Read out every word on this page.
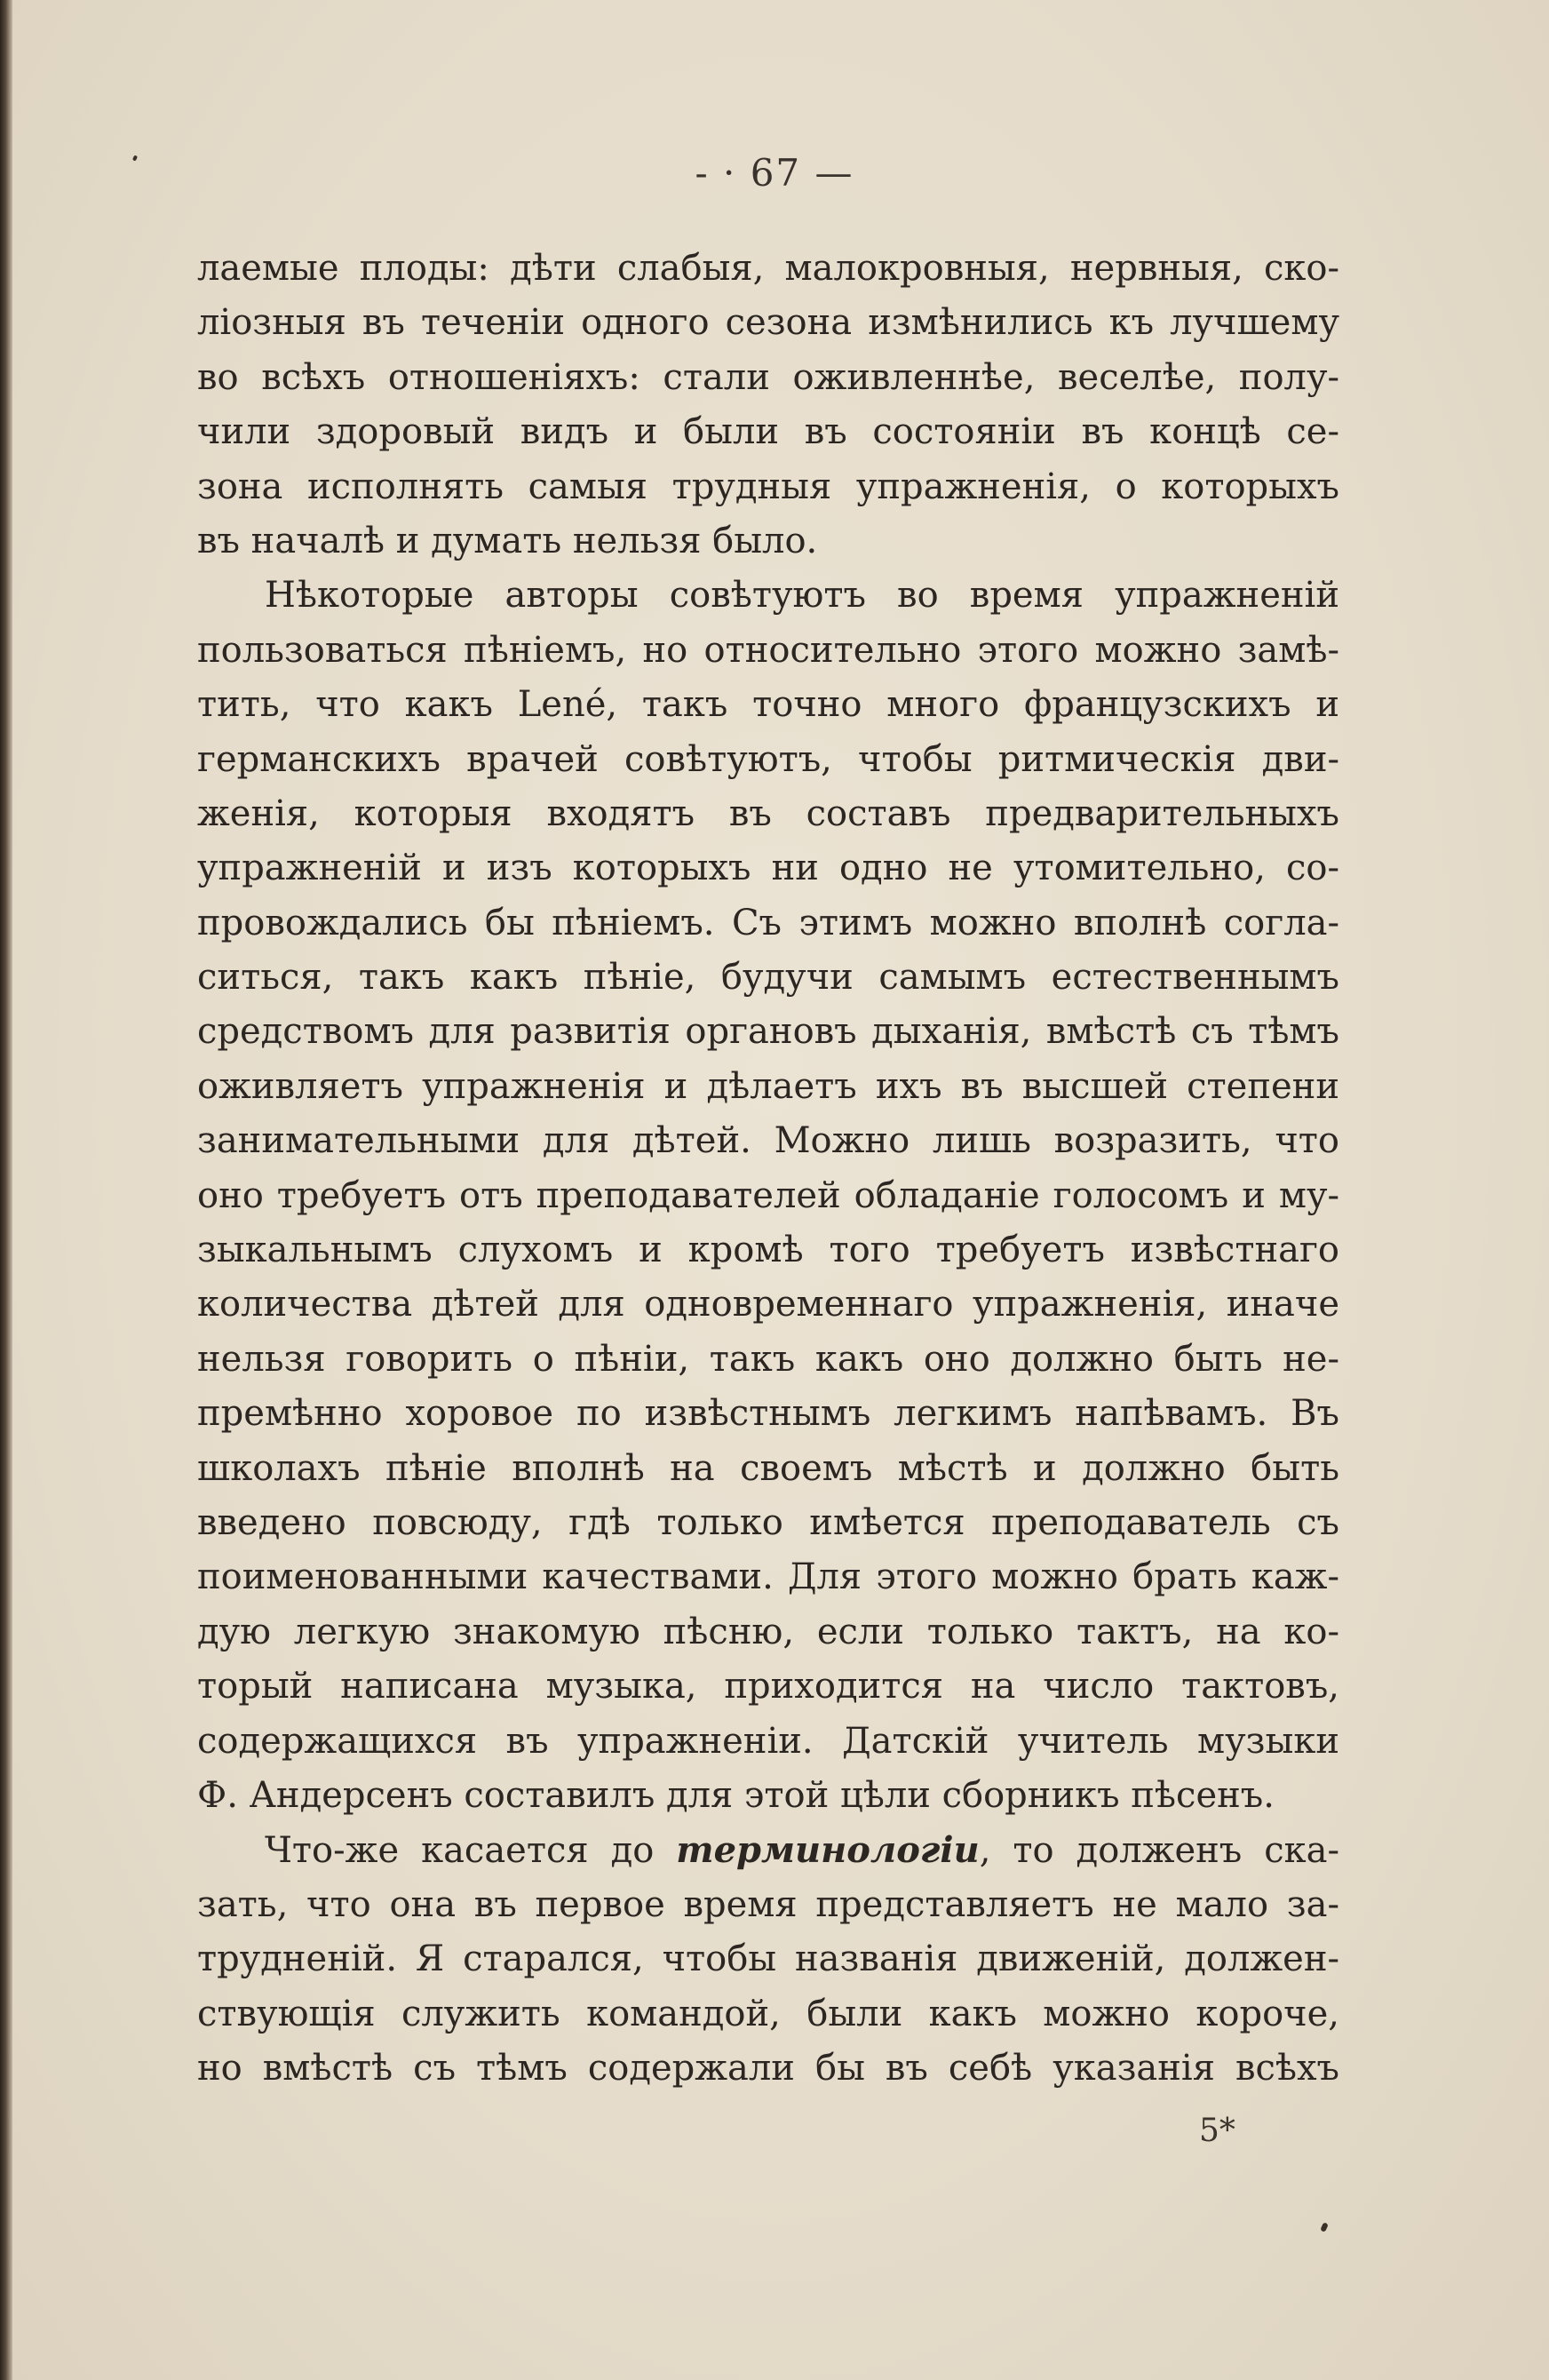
- · 67 —
лаемые плоды: дѣти слабыя, малокровныя, нервныя, ско-
лiозныя въ теченiи одного сезона измѣнились къ лучшему
во всѣхъ отношенiяхъ: стали оживленнѣе, веселѣе, полу-
чили здоровый видъ и были въ состоянiи въ концѣ се-
зона исполнять самыя трудныя упражненiя, о которыхъ
въ началѣ и думать нельзя было.
Нѣкоторые авторы совѣтуютъ во время упражненiй
пользоваться пѣнiемъ, но относительно этого можно замѣ-
тить, что какъ Lené, такъ точно много французскихъ и
германскихъ врачей совѣтуютъ, чтобы ритмическiя дви-
женiя, которыя входятъ въ составъ предварительныхъ
упражненiй и изъ которыхъ ни одно не утомительно, со-
провождались бы пѣнiемъ. Съ этимъ можно вполнѣ согла-
ситься, такъ какъ пѣнiе, будучи самымъ естественнымъ
средствомъ для развитiя органовъ дыханiя, вмѣстѣ съ тѣмъ
оживляетъ упражненiя и дѣлаетъ ихъ въ высшей степени
занимательными для дѣтей. Можно лишь возразить, что
оно требуетъ отъ преподавателей обладанiе голосомъ и му-
зыкальнымъ слухомъ и кромѣ того требуетъ извѣстнаго
количества дѣтей для одновременнаго упражненiя, иначе
нельзя говорить о пѣнiи, такъ какъ оно должно быть не-
премѣнно хоровое по извѣстнымъ легкимъ напѣвамъ. Въ
школахъ пѣнiе вполнѣ на своемъ мѣстѣ и должно быть
введено повсюду, гдѣ только имѣется преподаватель съ
поименованными качествами. Для этого можно брать каж-
дую легкую знакомую пѣсню, если только тактъ, на ко-
торый написана музыка, приходится на число тактовъ,
содержащихся въ упражненiи. Датскiй учитель музыки
Ф. Андерсенъ составилъ для этой цѣли сборникъ пѣсенъ.
Что-же касается до терминологiи, то долженъ ска-
зать, что она въ первое время представляетъ не мало за-
трудненiй. Я старался, чтобы названiя движенiй, должен-
ствующiя служить командой, были какъ можно короче,
но вмѣстѣ съ тѣмъ содержали бы въ себѣ указанiя всѣхъ
5*
